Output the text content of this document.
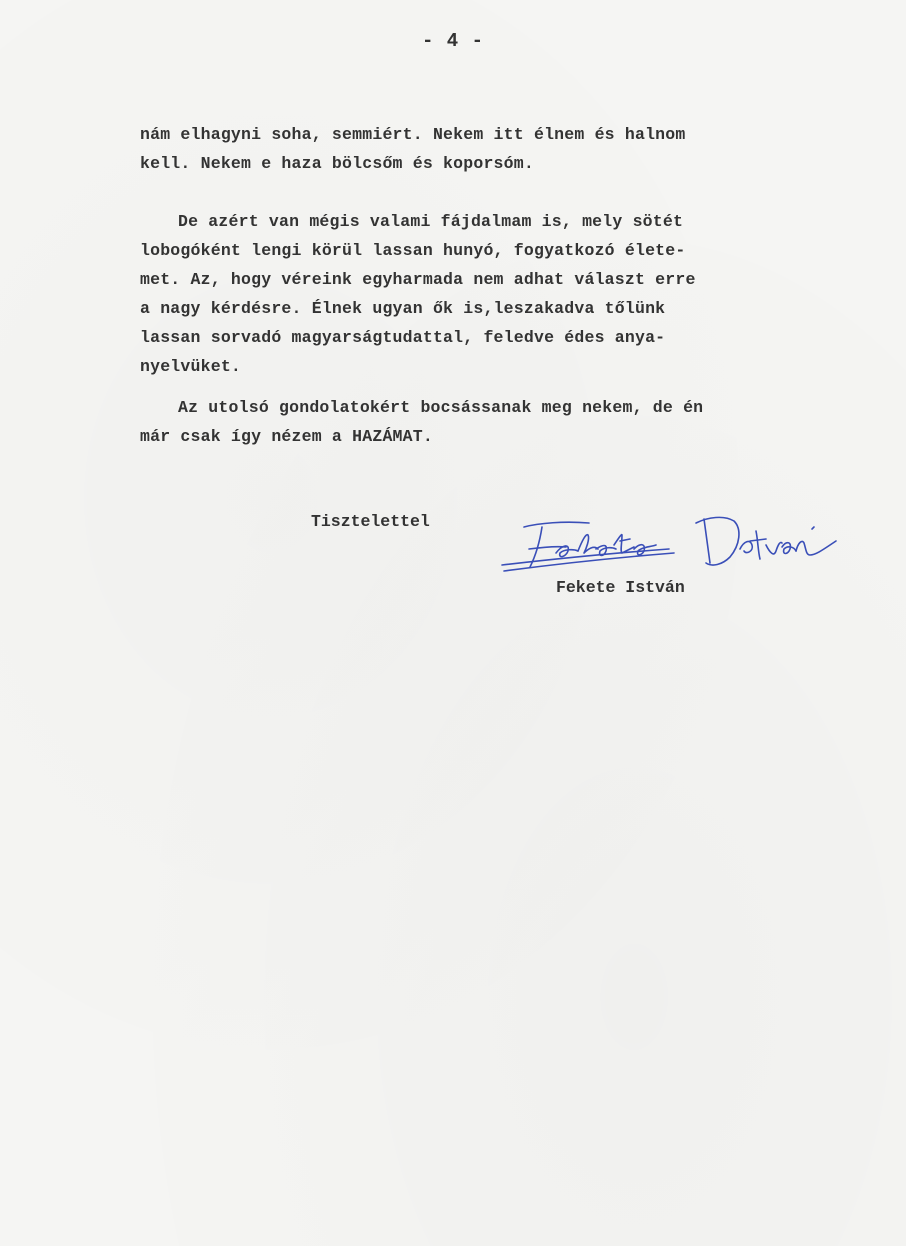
- 4 -
nám elhagyni soha, semmiért. Nekem itt élnem és halnom
kell. Nekem e haza bölcsőm és koporsóm.
De azért van mégis valami fájdalmam is, mely sötét
lobogóként lengi körül lassan hunyó, fogyatkozó élete-
met. Az, hogy véreink egyharmada nem adhat választ erre
a nagy kérdésre. Élnek ugyan ők is,leszakadva tőlünk
lassan sorvadó magyarságtudattal, feledve édes anya-
nyelvüket.
Az utolsó gondolatokért bocsássanak meg nekem, de én
már csak így nézem a HAZÁMAT.
Tisztelettel
Fekete István
